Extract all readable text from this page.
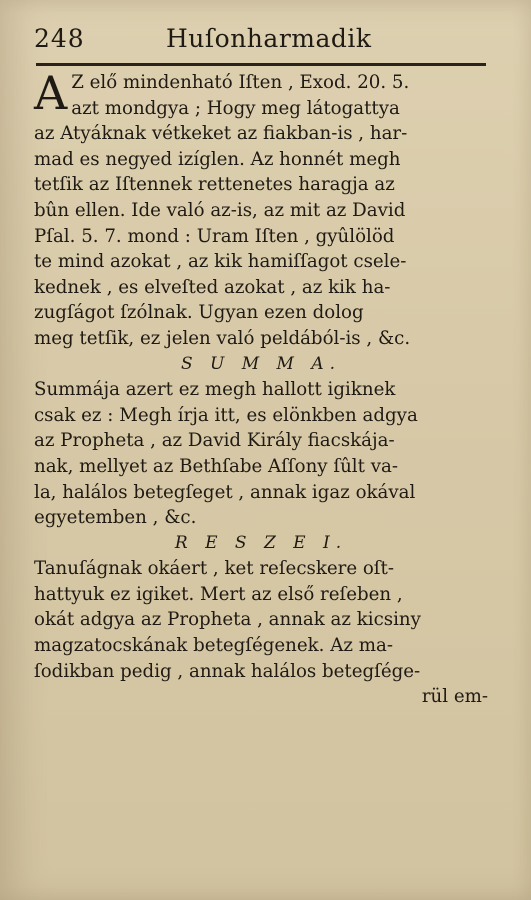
248	Huſonharmadik
A Z elő mindenható Iſten , Exod. 20. 5.
azt mondgya ; Hogy meg látogattya
az Atyáknak vétkeket az fiakban-is , har-
mad es negyed izíglen. Az honnét megh
tetſik az Iſtennek rettenetes haragja az
bûn ellen. Ide való az-is, az mit az David
Pſal. 5. 7. mond : Uram Iſten , gyûlölöd
te mind azokat , az kik hamiſſagot csele-
kednek , es elveſted azokat , az kik ha-
zugſágot ſzólnak. Ugyan ezen dolog
meg tetſik, ez jelen való peldából-is , &c.
S U M M A.
Summája azert ez megh hallott igiknek
csak ez : Megh írja itt, es elönkben adgya
az Propheta , az David Király fiacskája-
nak, mellyet az Bethſabe Aſſony ſûlt va-
la, halálos betegſeget , annak igaz okával
egyetemben , &c.
R E S Z E I.
Tanuſágnak okáert , ket reſecskere oſt-
hattyuk ez igiket. Mert az első reſeben ,
okát adgya az Propheta , annak az kicsiny
magzatocskának betegſégenek. Az ma-
ſodikban pedig , annak halálos betegſége-
rül em-
